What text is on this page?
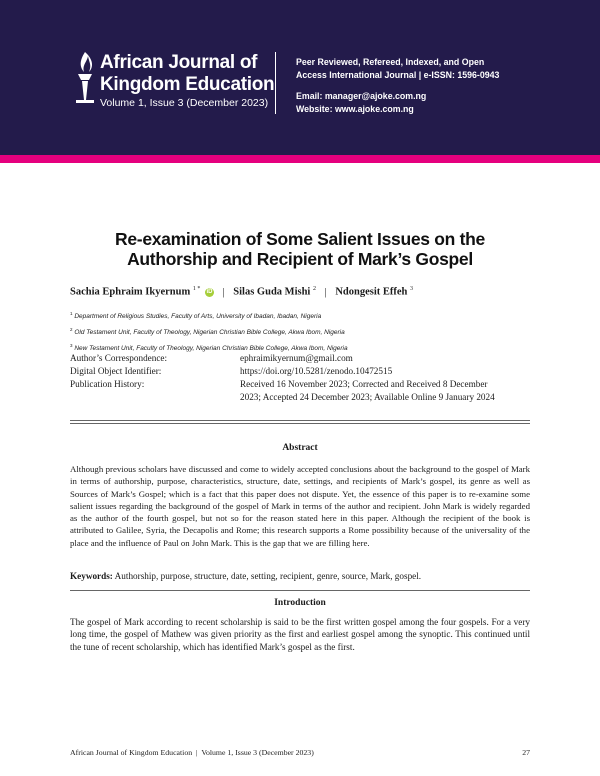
African Journal of
Kingdom Education
Volume 1, Issue 3 (December 2023)
Peer Reviewed, Refereed, Indexed, and Open
Access International Journal | e-ISSN: 1596-0943
Email: manager@ajoke.com.ng
Website: www.ajoke.com.ng
Re-examination of Some Salient Issues on the
Authorship and Recipient of Mark’s Gospel
Sachia Ephraim Ikyernum $^{1 *}$ iD | Silas Guda Mishi $^2$ | Ndongesit Effeh $^3$
$^1$ Department of Religious Studies, Faculty of Arts, University of Ibadan, Ibadan, Nigeria
$^2$ Old Testament Unit, Faculty of Theology, Nigerian Christian Bible College, Akwa Ibom, Nigeria
$^3$ New Testament Unit, Faculty of Theology, Nigerian Christian Bible College, Akwa Ibom, Nigeria
Author’s Correspondence:	ephraimikyernum@gmail.com
Digital Object Identifier:	https://doi.org/10.5281/zenodo.10472515
Publication History:	Received 16 November 2023; Corrected and Received 8 December
2023; Accepted 24 December 2023; Available Online 9 January 2024
Abstract
Although previous scholars have discussed and come to widely accepted conclusions about the background to the gospel of Mark in terms of authorship, purpose, characteristics, structure, date, settings, and recipients of Mark’s gospel, its genre as well as Sources of Mark’s Gospel; which is a fact that this paper does not dispute. Yet, the essence of this paper is to re-examine some salient issues regarding the background of the gospel of Mark in terms of the author and recipient. John Mark is widely regarded as the author of the fourth gospel, but not so for the reason stated here in this paper. Although the recipient of the book is attributed to Galilee, Syria, the Decapolis and Rome; this research supports a Rome possibility because of the universality of the place and the influence of Paul on John Mark. This is the gap that we are filling here.
Keywords: Authorship, purpose, structure, date, setting, recipient, genre, source, Mark, gospel.
Introduction
The gospel of Mark according to recent scholarship is said to be the first written gospel among the four gospels. For a very long time, the gospel of Mathew was given priority as the first and earliest gospel among the synoptic. This continued until the tune of recent scholarship, which has identified Mark’s gospel as the first.
African Journal of Kingdom Education  |  Volume 1, Issue 3 (December 2023)	27
